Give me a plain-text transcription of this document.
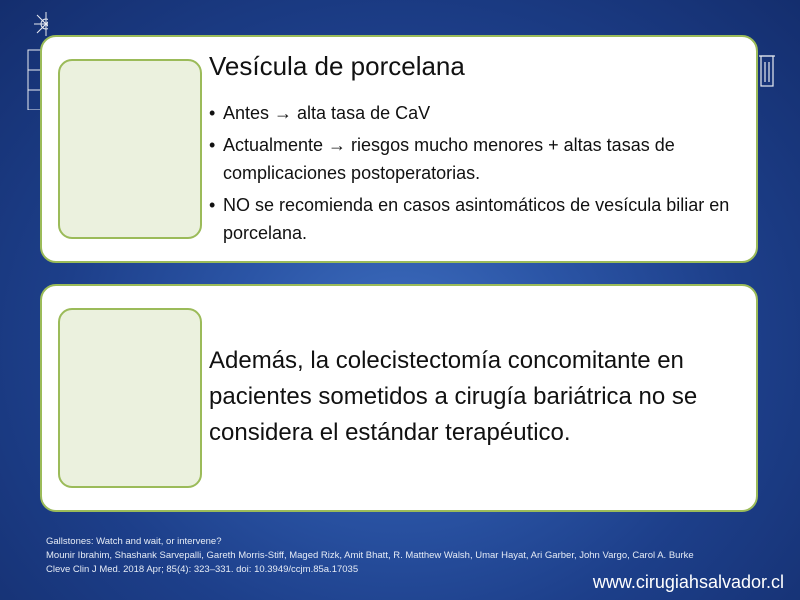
Vesícula de porcelana
• Antes → alta tasa de CaV
• Actualmente → riesgos mucho menores + altas tasas de complicaciones postoperatorias.
• NO se recomienda en casos asintomáticos de vesícula biliar en porcelana.

Además, la colecistectomía concomitante en pacientes sometidos a cirugía bariátrica no se considera el estándar terapéutico.

Gallstones: Watch and wait, or intervene?
Mounir Ibrahim, Shashank Sarvepalli, Gareth Morris-Stiff, Maged Rizk, Amit Bhatt, R. Matthew Walsh, Umar Hayat, Ari Garber, John Vargo, Carol A. Burke
Cleve Clin J Med. 2018 Apr; 85(4): 323–331. doi: 10.3949/ccjm.85a.17035
www.cirugiahsalvador.cl
